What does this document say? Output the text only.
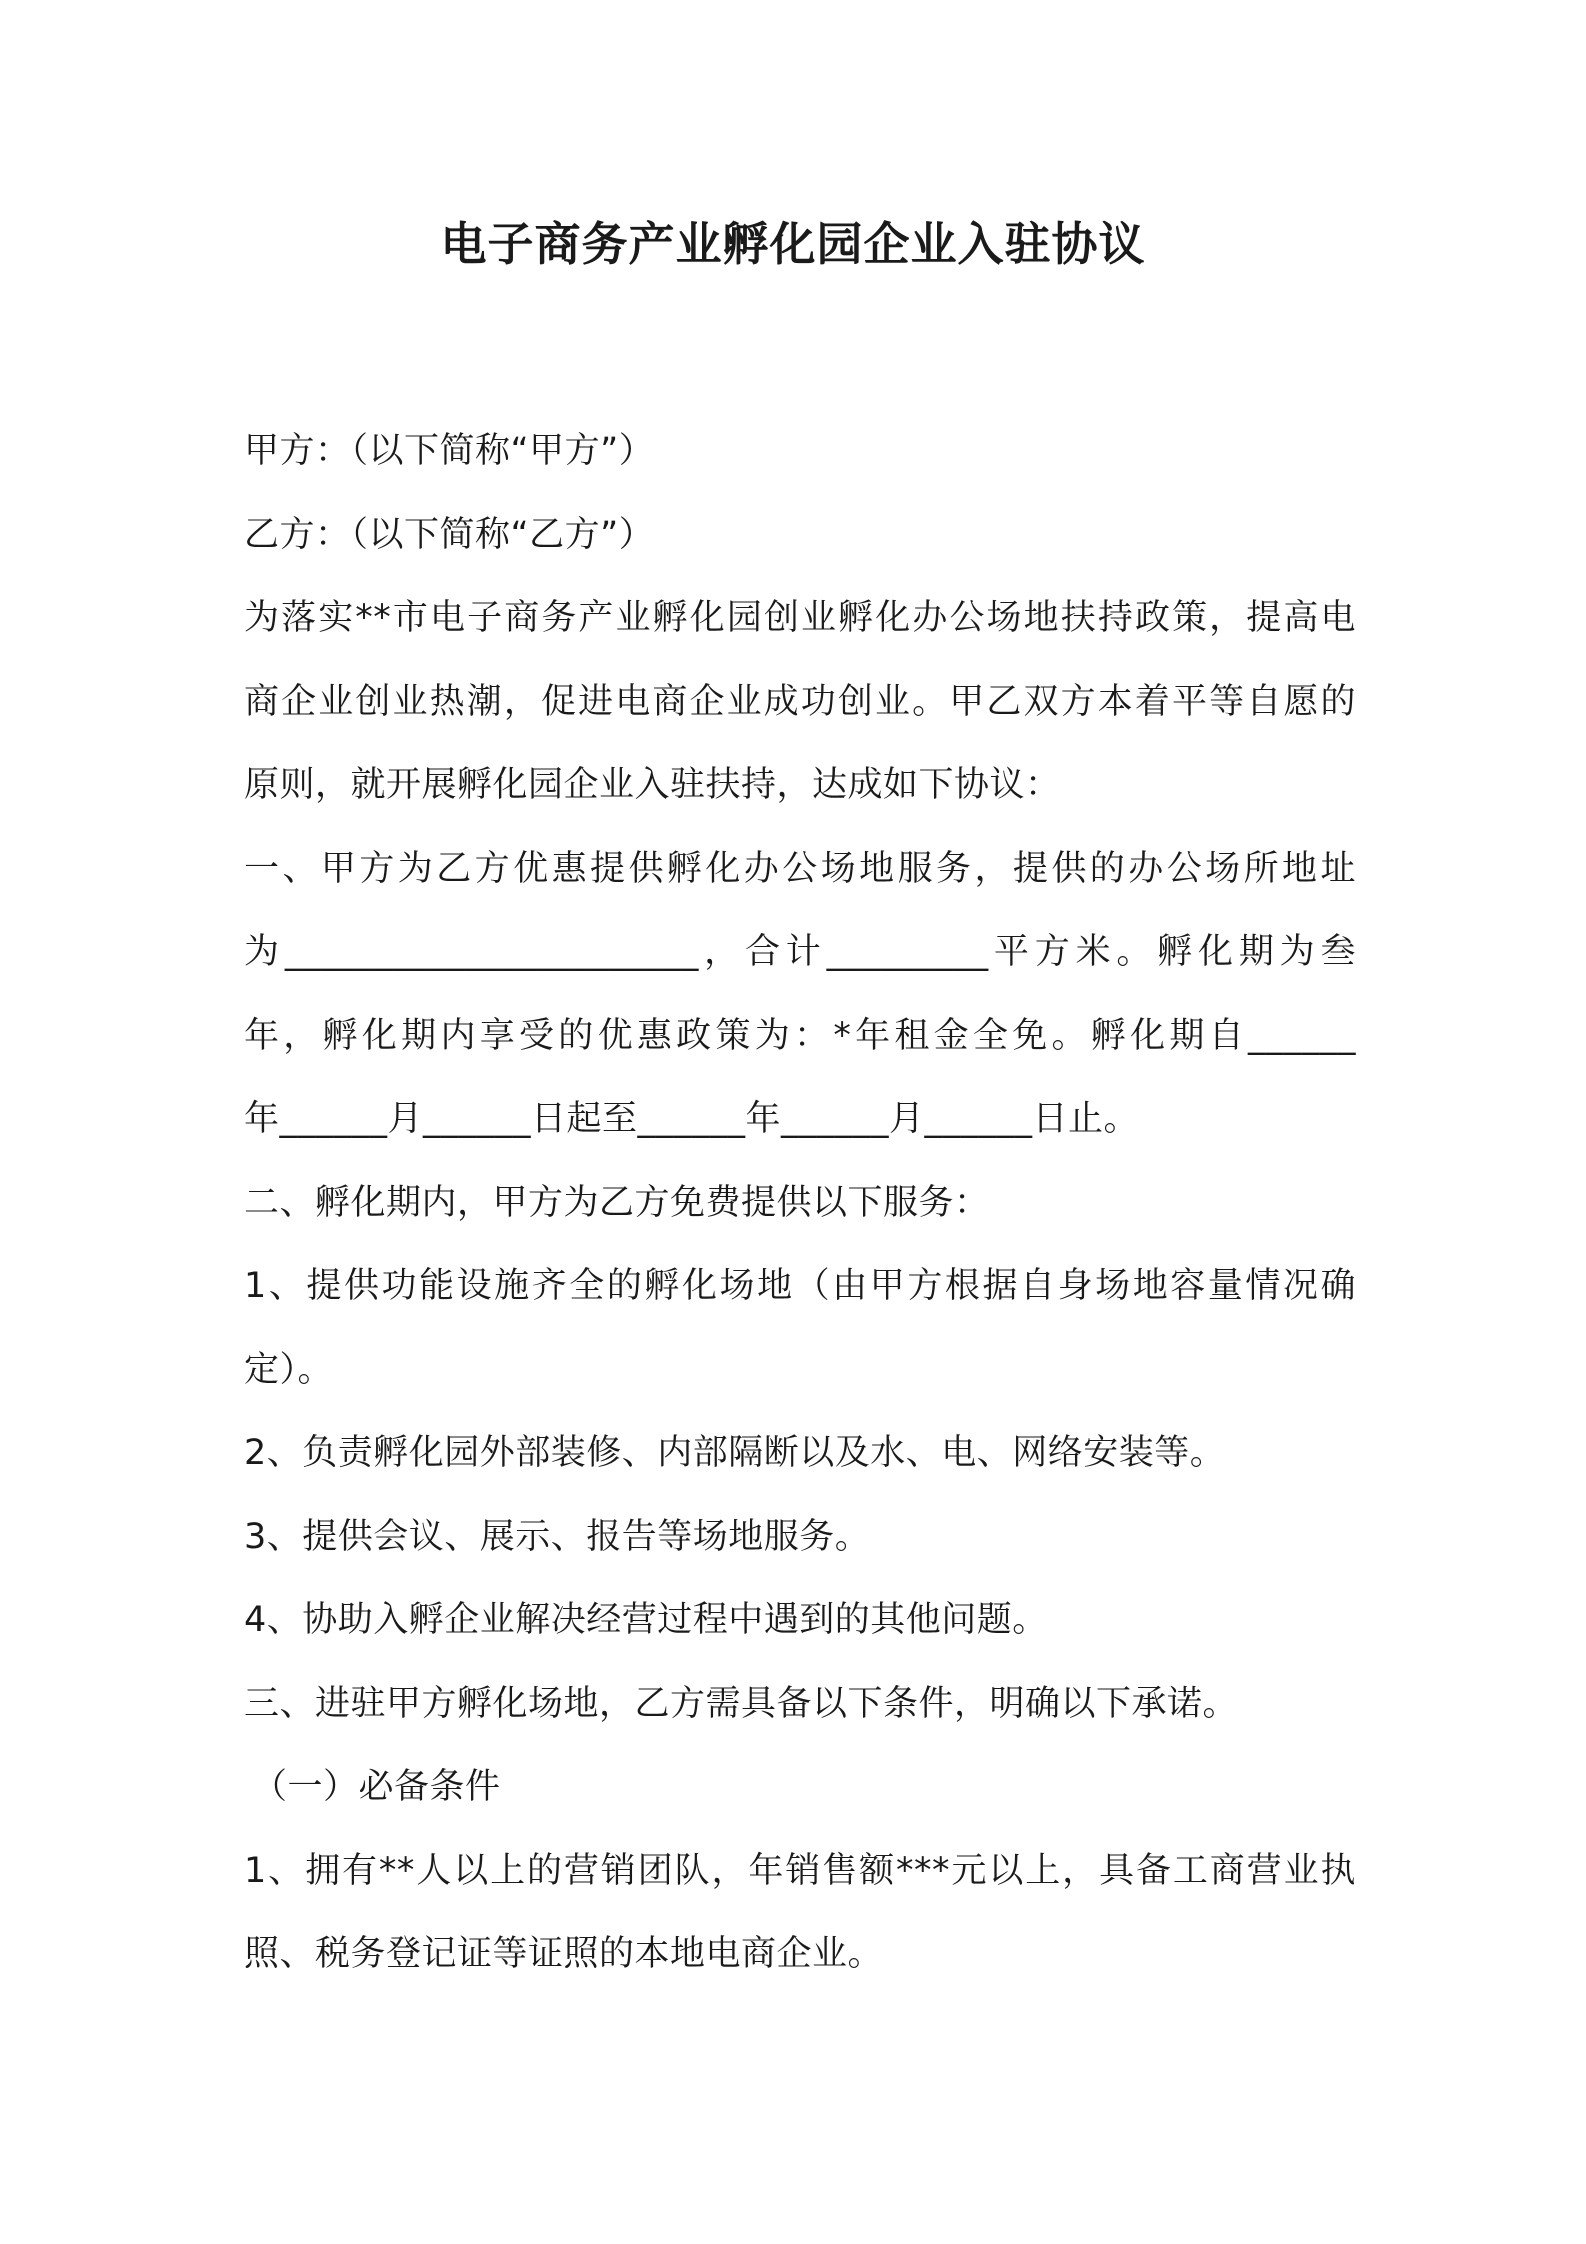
电子商务产业孵化园企业入驻协议

甲方：（以下简称“甲方”）

乙方：（以下简称“乙方”）

为落实**市电子商务产业孵化园创业孵化办公场地扶持政策，提高电

商企业创业热潮，促进电商企业成功创业。甲乙双方本着平等自愿的

原则，就开展孵化园企业入驻扶持，达成如下协议：

一、甲方为乙方优惠提供孵化办公场地服务，提供的办公场所地址

为_______________________，合计_________平方米。孵化期为叁

年，孵化期内享受的优惠政策为：*年租金全免。孵化期自______

年______月______日起至______年______月______日止。

二、孵化期内，甲方为乙方免费提供以下服务：

1、提供功能设施齐全的孵化场地（由甲方根据自身场地容量情况确

定）。

2、负责孵化园外部装修、内部隔断以及水、电、网络安装等。

3、提供会议、展示、报告等场地服务。

4、协助入孵企业解决经营过程中遇到的其他问题。

三、进驻甲方孵化场地，乙方需具备以下条件，明确以下承诺。

（一）必备条件

1、拥有**人以上的营销团队，年销售额***元以上，具备工商营业执

照、税务登记证等证照的本地电商企业。
